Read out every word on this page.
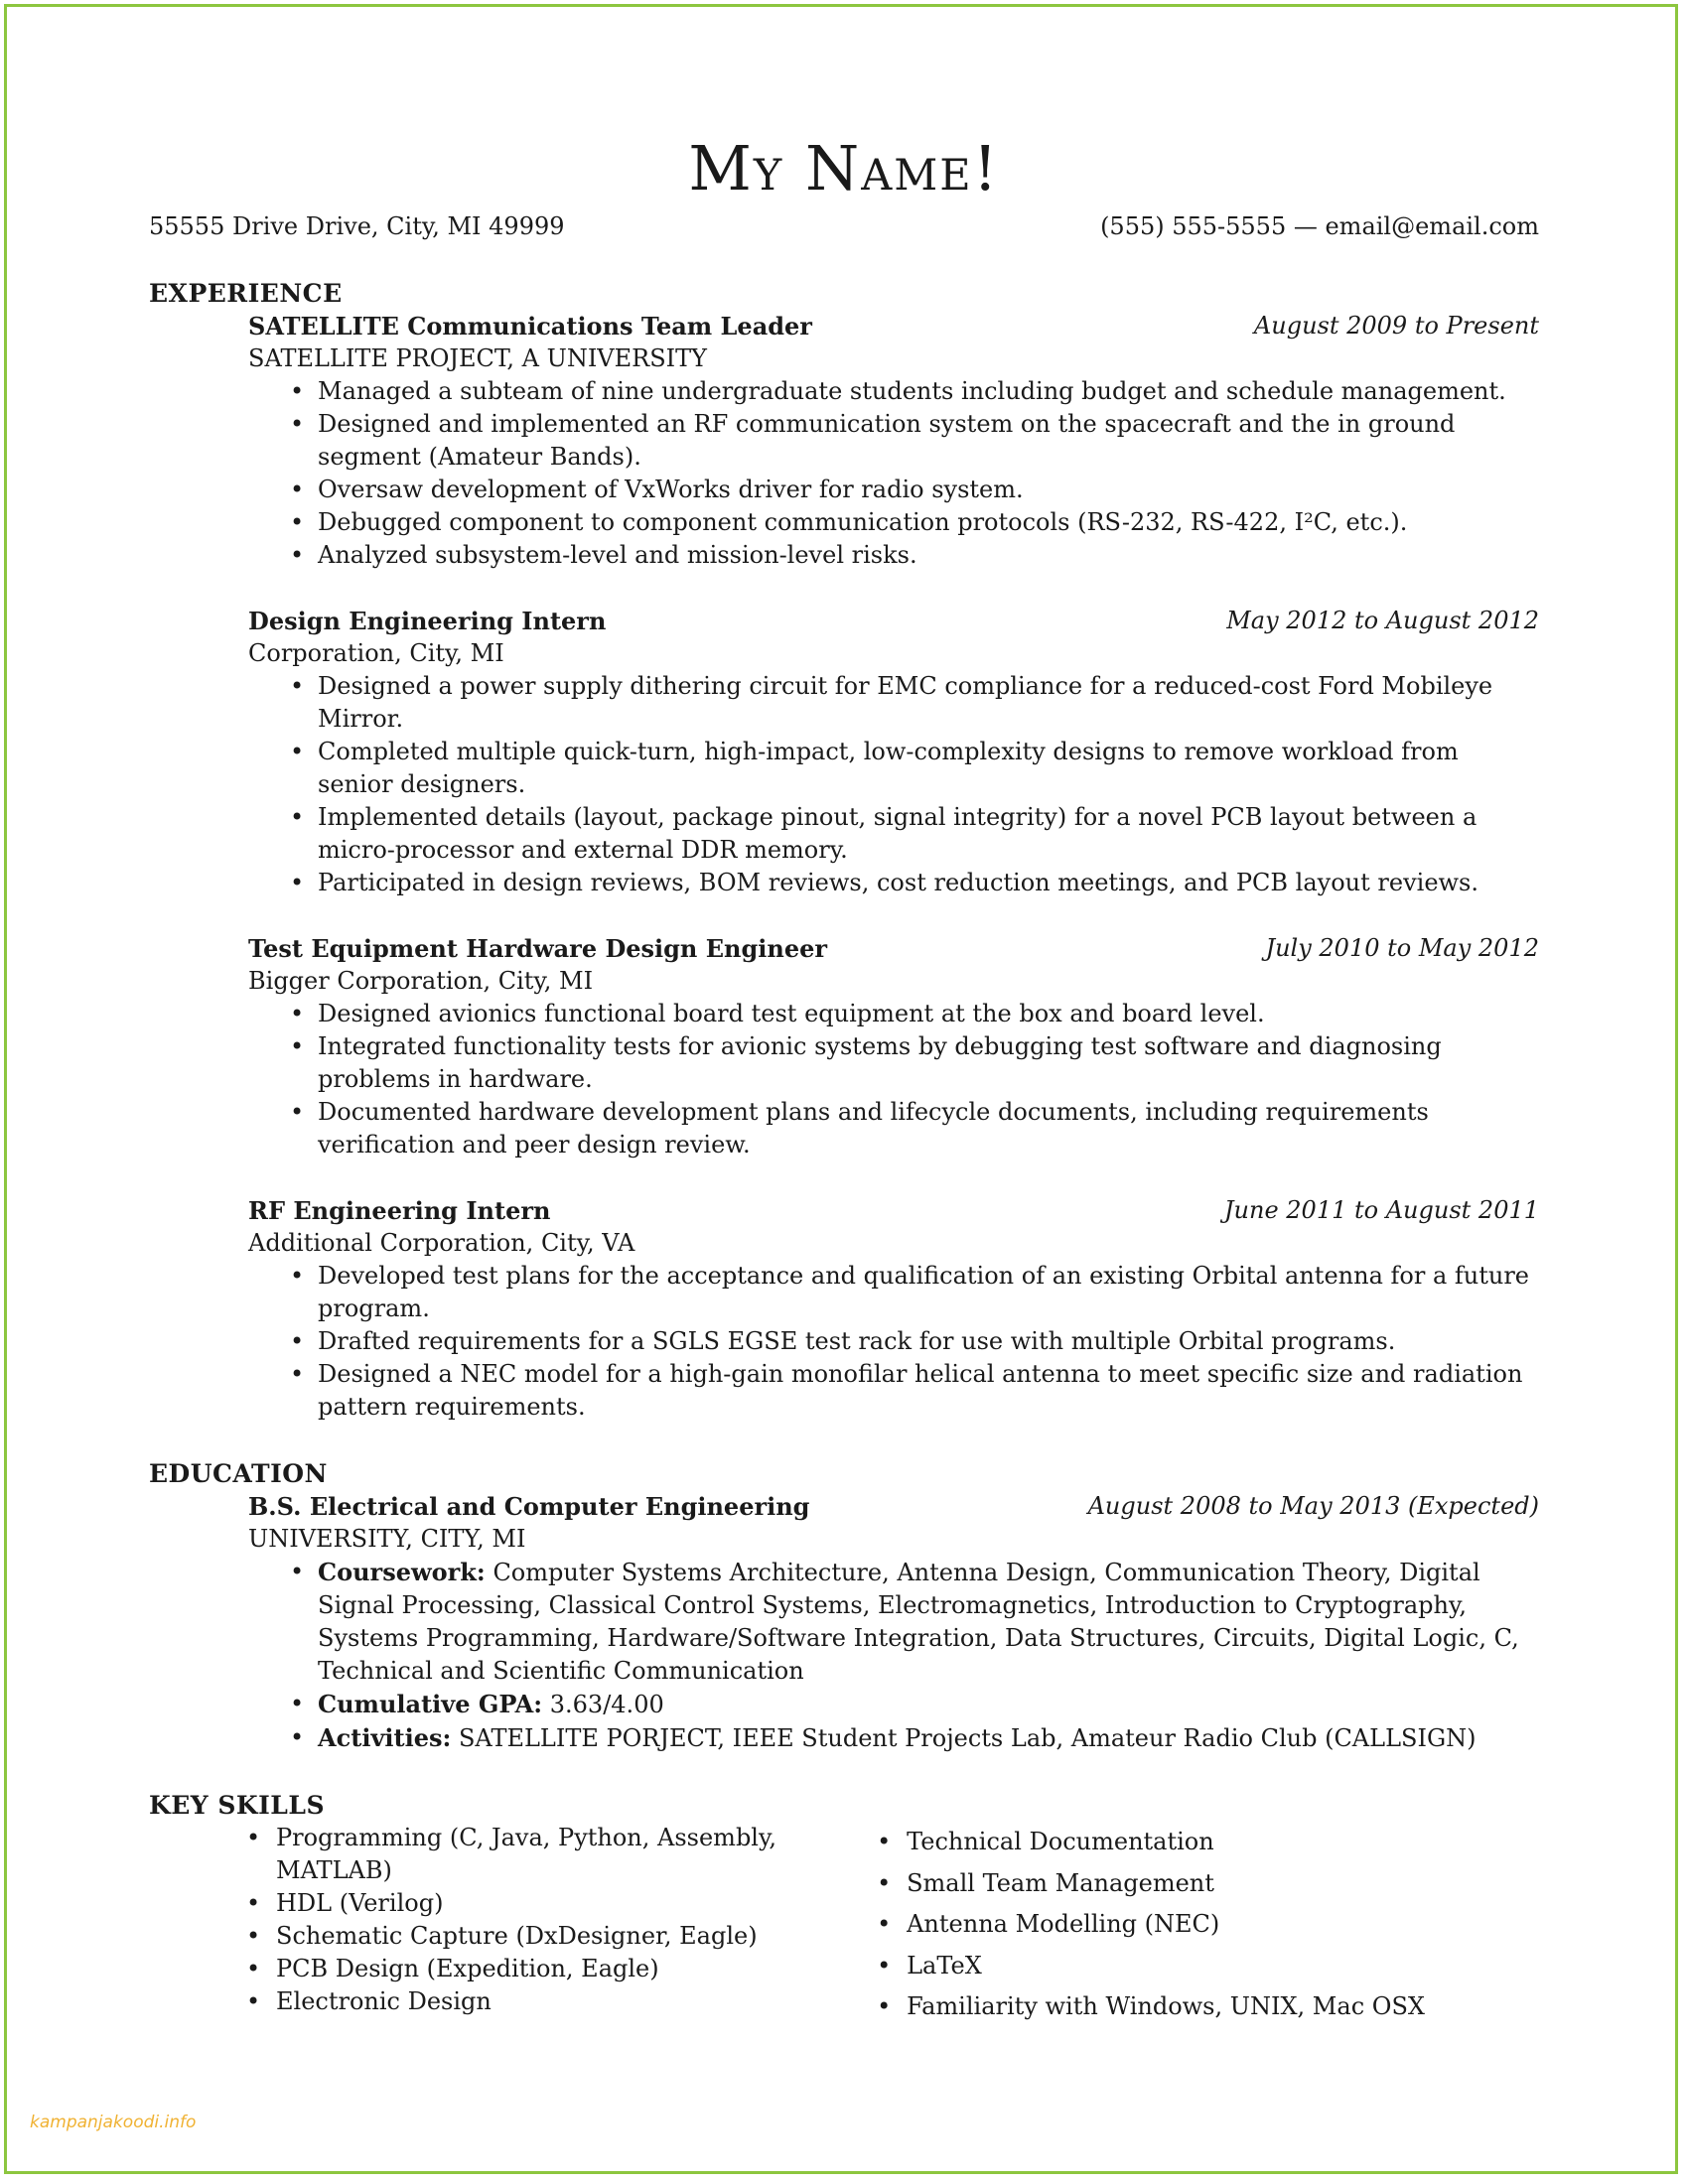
My Name!
55555 Drive Drive, City, MI 49999	(555) 555-5555 — email@email.com
EXPERIENCE
SATELLITE Communications Team Leader	August 2009 to Present
SATELLITE PROJECT, A UNIVERSITY
• Managed a subteam of nine undergraduate students including budget and schedule management.
• Designed and implemented an RF communication system on the spacecraft and the in ground segment (Amateur Bands).
• Oversaw development of VxWorks driver for radio system.
• Debugged component to component communication protocols (RS-232, RS-422, I²C, etc.).
• Analyzed subsystem-level and mission-level risks.
Design Engineering Intern	May 2012 to August 2012
Corporation, City, MI
• Designed a power supply dithering circuit for EMC compliance for a reduced-cost Ford Mobileye Mirror.
• Completed multiple quick-turn, high-impact, low-complexity designs to remove workload from senior designers.
• Implemented details (layout, package pinout, signal integrity) for a novel PCB layout between a micro-processor and external DDR memory.
• Participated in design reviews, BOM reviews, cost reduction meetings, and PCB layout reviews.
Test Equipment Hardware Design Engineer	July 2010 to May 2012
Bigger Corporation, City, MI
• Designed avionics functional board test equipment at the box and board level.
• Integrated functionality tests for avionic systems by debugging test software and diagnosing problems in hardware.
• Documented hardware development plans and lifecycle documents, including requirements verification and peer design review.
RF Engineering Intern	June 2011 to August 2011
Additional Corporation, City, VA
• Developed test plans for the acceptance and qualification of an existing Orbital antenna for a future program.
• Drafted requirements for a SGLS EGSE test rack for use with multiple Orbital programs.
• Designed a NEC model for a high-gain monofilar helical antenna to meet specific size and radiation pattern requirements.
EDUCATION
B.S. Electrical and Computer Engineering	August 2008 to May 2013 (Expected)
UNIVERSITY, CITY, MI
• Coursework: Computer Systems Architecture, Antenna Design, Communication Theory, Digital Signal Processing, Classical Control Systems, Electromagnetics, Introduction to Cryptography, Systems Programming, Hardware/Software Integration, Data Structures, Circuits, Digital Logic, C, Technical and Scientific Communication
• Cumulative GPA: 3.63/4.00
• Activities: SATELLITE PORJECT, IEEE Student Projects Lab, Amateur Radio Club (CALLSIGN)
KEY SKILLS
• Programming (C, Java, Python, Assembly, MATLAB)
• HDL (Verilog)
• Schematic Capture (DxDesigner, Eagle)
• PCB Design (Expedition, Eagle)
• Electronic Design
• Technical Documentation
• Small Team Management
• Antenna Modelling (NEC)
• LaTeX
• Familiarity with Windows, UNIX, Mac OSX
kampanjakoodi.info
